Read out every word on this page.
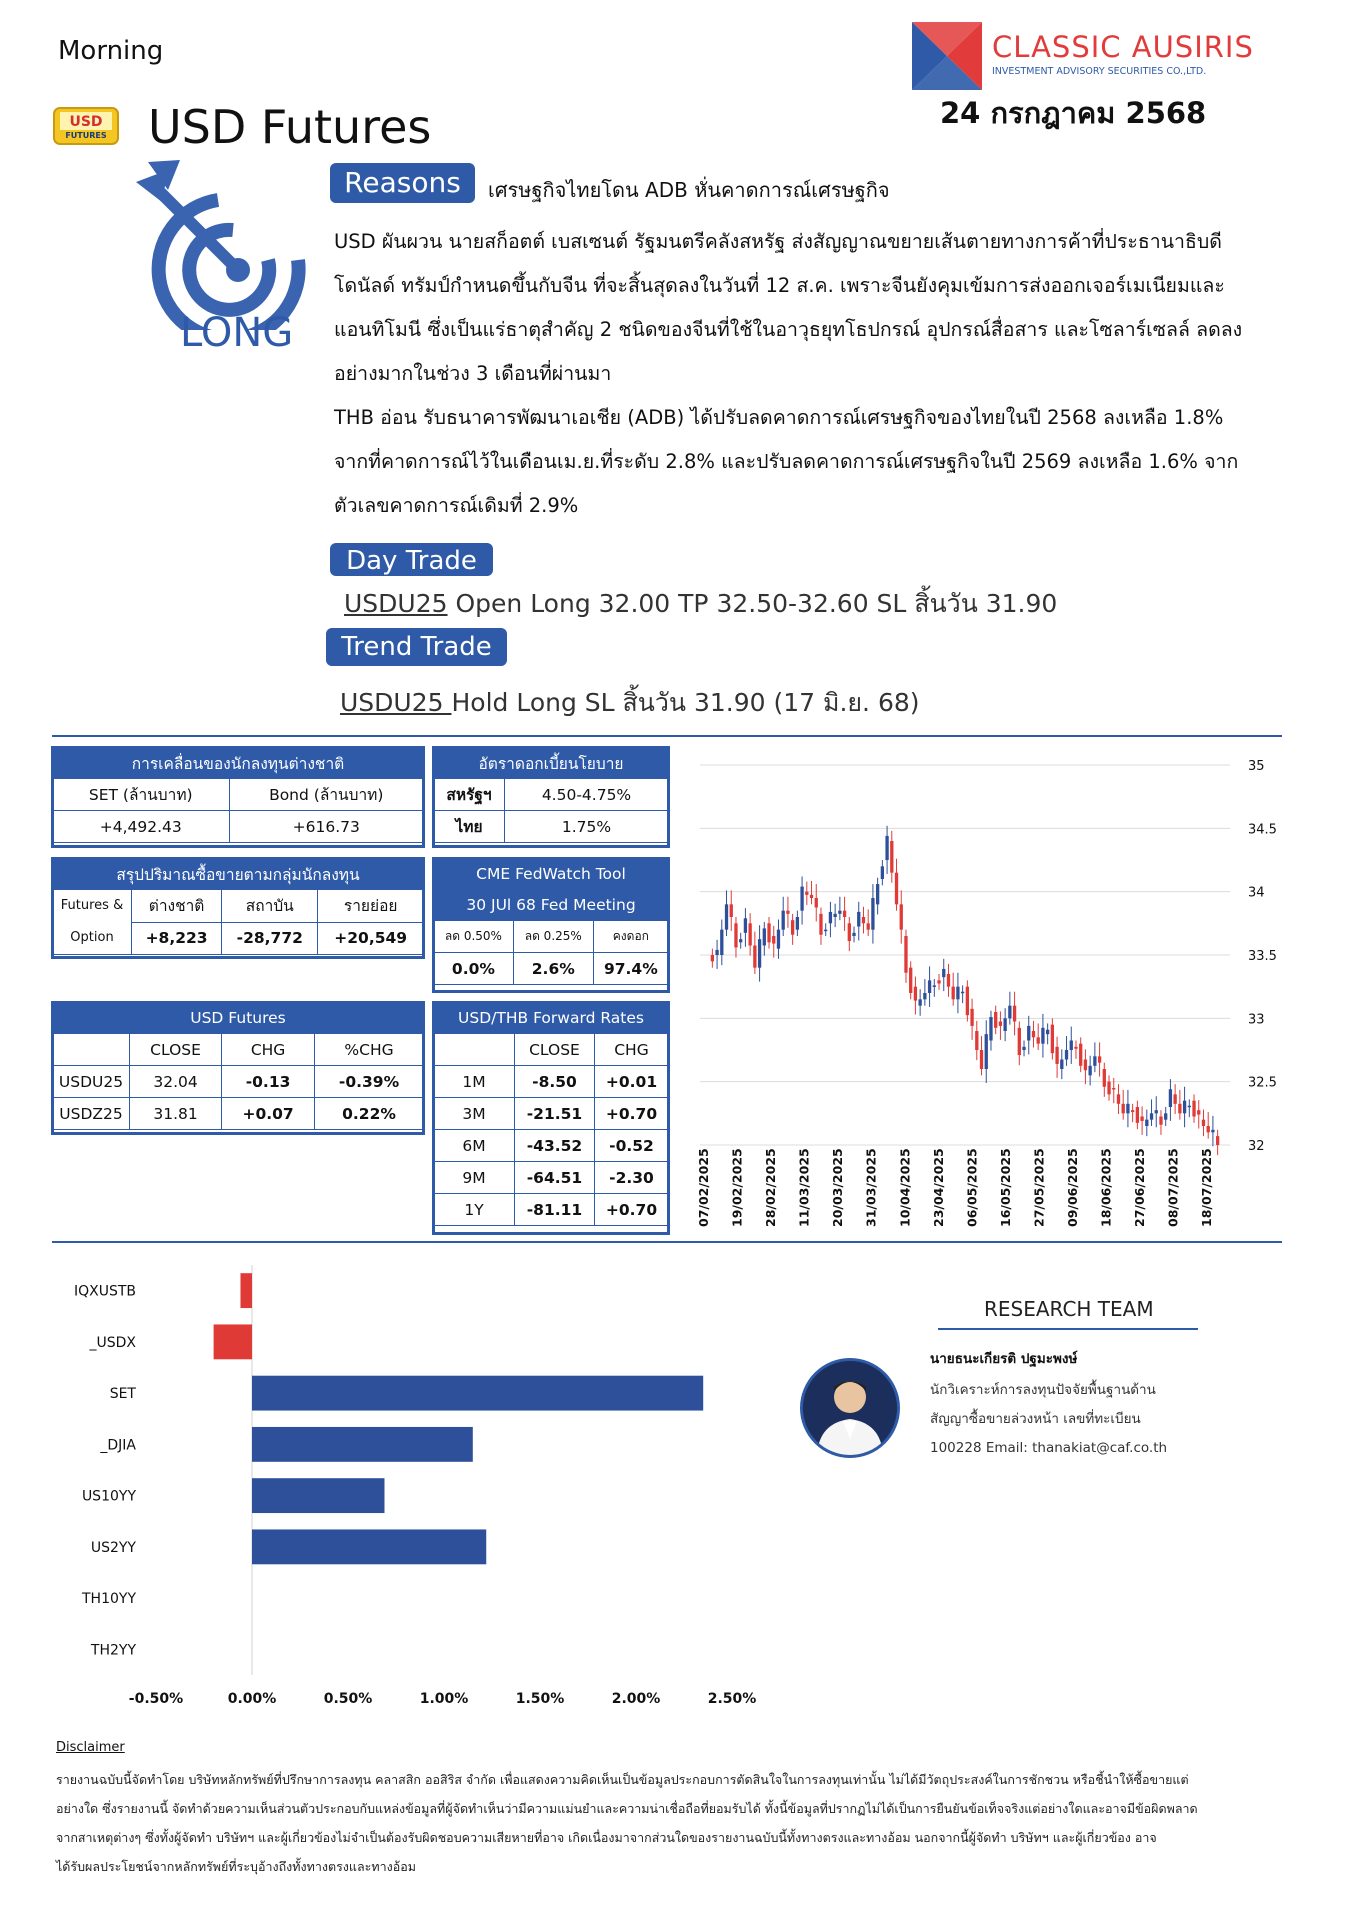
Morning
USD
FUTURES USD Futures
CLASSIC AUSIRIS
INVESTMENT ADVISORY SECURITIES CO.,LTD.
24 กรกฎาคม 2568
LONG
Reasons	เศรษฐกิจไทยโดน ADB หั่นคาดการณ์เศรษฐกิจ
USD ผันผวน นายสก็อตต์ เบสเซนต์ รัฐมนตรีคลังสหรัฐ ส่งสัญญาณขยายเส้นตายทางการค้าที่ประธานาธิบดี
โดนัลด์ ทรัมป์กำหนดขึ้นกับจีน ที่จะสิ้นสุดลงในวันที่ 12 ส.ค. เพราะจีนยังคุมเข้มการส่งออกเจอร์เมเนียมและ
แอนทิโมนี ซึ่งเป็นแร่ธาตุสำคัญ 2 ชนิดของจีนที่ใช้ในอาวุธยุทโธปกรณ์ อุปกรณ์สื่อสาร และโซลาร์เซลล์ ลดลง
อย่างมากในช่วง 3 เดือนที่ผ่านมา
THB อ่อน รับธนาคารพัฒนาเอเชีย (ADB) ได้ปรับลดคาดการณ์เศรษฐกิจของไทยในปี 2568 ลงเหลือ 1.8%
จากที่คาดการณ์ไว้ในเดือนเม.ย.ที่ระดับ 2.8% และปรับลดคาดการณ์เศรษฐกิจในปี 2569 ลงเหลือ 1.6% จาก
ตัวเลขคาดการณ์เดิมที่ 2.9%
Day Trade
USDU25 Open Long 32.00 TP 32.50-32.60 SL สิ้นวัน 31.90
Trend Trade
USDU25 Hold Long SL สิ้นวัน 31.90 (17 มิ.ย. 68)
การเคลื่อนของนักลงทุนต่างชาติ	
SET (ล้านบาท)	Bond (ล้านบาท)
+4,492.43	+616.73
อัตราดอกเบี้ยนโยบาย	
สหรัฐฯ	4.50-4.75%
ไทย	1.75%
สรุปปริมาณซื้อขายตามกลุ่มนักลงทุน			

Futures &
Option	ต่างชาติ	สถาบัน	รายย่อย
	+8,223	-28,772	+20,549
CME FedWatch Tool		
30 JUl 68 Fed Meeting		
ลด 0.50%	ลด 0.25%	คงดอก
0.0%	2.6%	97.4%
USD Futures			
	CLOSE	CHG	%CHG
USDU25	32.04	-0.13	-0.39%
USDZ25	31.81	+0.07	0.22%
USD/THB Forward Rates		
	CLOSE	CHG
1M	-8.50	+0.01
3M	-21.51	+0.70
6M	-43.52	-0.52
9M	-64.51	-2.30
1Y	-81.11	+0.70
35
34.5
34
33.5
33
32.5
32
07/02/2025 19/02/2025 28/02/2025 11/03/2025 20/03/2025 31/03/2025 10/04/2025 23/04/2025 06/05/2025 16/05/2025 27/05/2025 09/06/2025 18/06/2025 27/06/2025 08/07/2025 18/07/2025
IQXUSTB
_USDX
SET
_DJIA
US10YY
US2YY
TH10YY
TH2YY
-0.50%	0.00%	0.50%	1.00%	1.50%	2.00%	2.50%
RESEARCH TEAM
นายธนะเกียรติ ปฐมะพงษ์
นักวิเคราะห์การลงทุนปัจจัยพื้นฐานด้าน
สัญญาซื้อขายล่วงหน้า เลขที่ทะเบียน
100228 Email: thanakiat@caf.co.th
Disclaimer
รายงานฉบับนี้จัดทำโดย บริษัทหลักทรัพย์ที่ปรึกษาการลงทุน คลาสสิก ออสิริส จำกัด เพื่อแสดงความคิดเห็นเป็นข้อมูลประกอบการตัดสินใจในการลงทุนเท่านั้น ไม่ได้มีวัตถุประสงค์ในการชักชวน หรือชี้นำให้ซื้อขายแต่
อย่างใด ซึ่งรายงานนี้ จัดทำด้วยความเห็นส่วนตัวประกอบกับแหล่งข้อมูลที่ผู้จัดทำเห็นว่ามีความแม่นยำและความน่าเชื่อถือที่ยอมรับได้ ทั้งนี้ข้อมูลที่ปรากฏไม่ได้เป็นการยืนยันข้อเท็จจริงแต่อย่างใดและอาจมีข้อผิดพลาด
จากสาเหตุต่างๆ ซึ่งทั้งผู้จัดทำ บริษัทฯ และผู้เกี่ยวข้องไม่จำเป็นต้องรับผิดชอบความเสียหายที่อาจ เกิดเนื่องมาจากส่วนใดของรายงานฉบับนี้ทั้งทางตรงและทางอ้อม นอกจากนี้ผู้จัดทำ บริษัทฯ และผู้เกี่ยวข้อง อาจ
ได้รับผลประโยชน์จากหลักทรัพย์ที่ระบุอ้างถึงทั้งทางตรงและทางอ้อม
